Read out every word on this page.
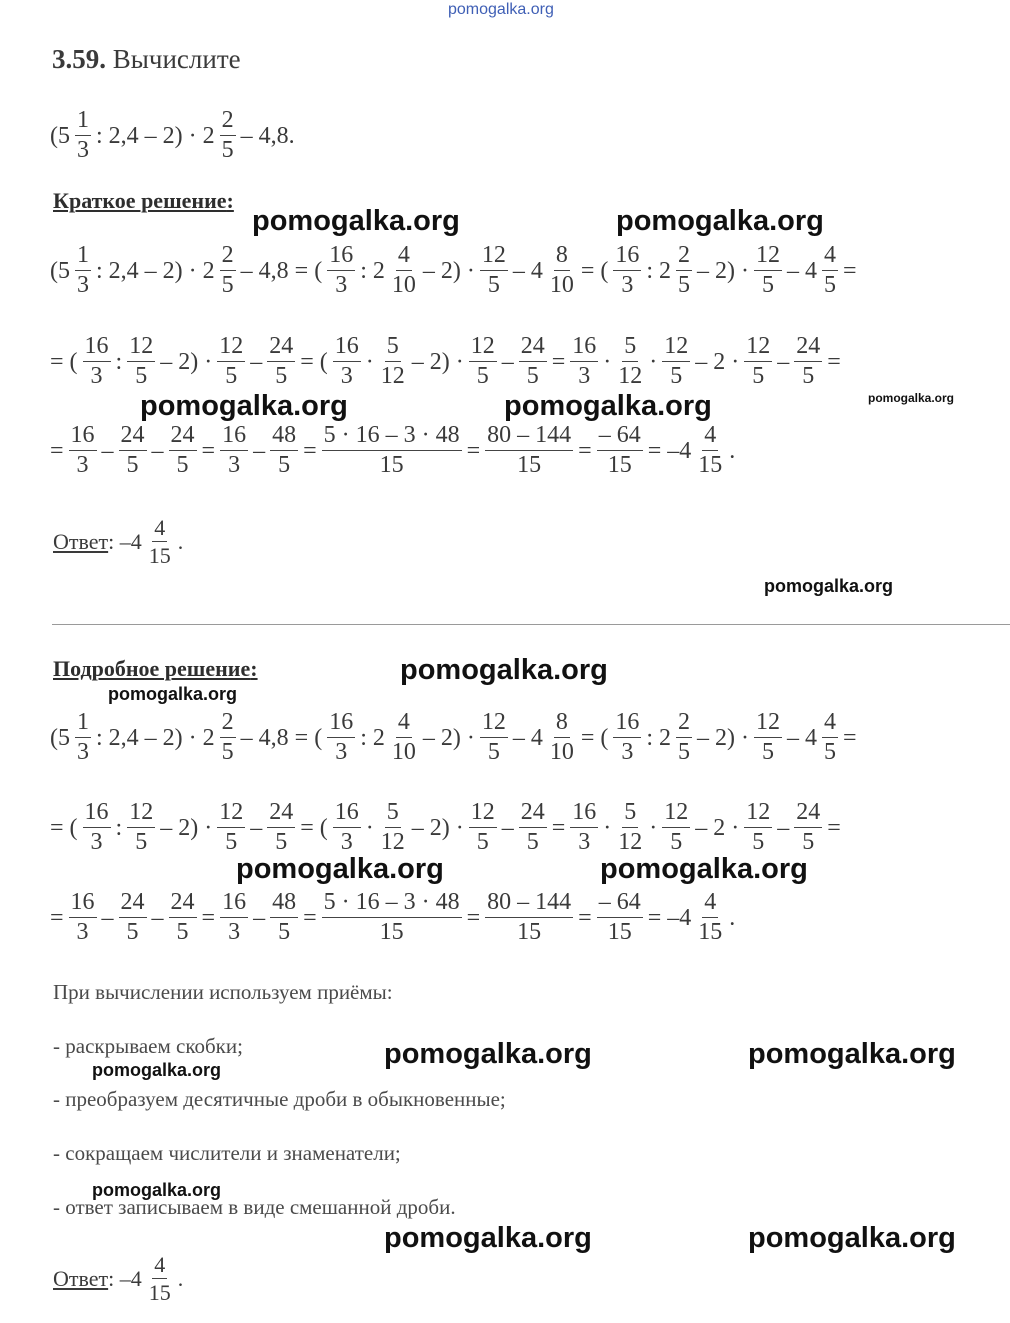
pomogalka.org
3.59. Вычислите
($5 \frac{1}{3}$ : $2,4 - 2) \cdot 2 \frac{2}{5} - 4,8$.
Краткое решение:
($5 \frac{1}{3}$ : $2,4 - 2) \cdot 2 \frac{2}{5} - 4,8$ = ( $\frac{16}{3}$ : $2 \frac{4}{10} - 2) \cdot \frac{12}{5} - 4 \frac{8}{10}$ = ( $\frac{16}{3}$ : $2 \frac{2}{5} - 2) \cdot \frac{12}{5} - 4 \frac{4}{5}$ =
= ( $\frac{16}{3}$ : $\frac{12}{5} - 2) \cdot \frac{12}{5} - \frac{24}{5}$ = ( $\frac{16}{3} \cdot \frac{5}{12} - 2) \cdot \frac{12}{5} - \frac{24}{5} = \frac{16}{3} \cdot \frac{5}{12} \cdot \frac{12}{5} - 2 \cdot \frac{12}{5} - \frac{24}{5}$ =
= $\frac{16}{3} - \frac{24}{5} - \frac{24}{5} = \frac{16}{3} - \frac{48}{5} = \frac{5 \cdot 16 - 3 \cdot 48}{15} = \frac{80 - 144}{15} = \frac{- 64}{15} = -4 \frac{4}{15}$ .
Ответ : $-4 \frac{4}{15}$ .
Подробное решение:
($5 \frac{1}{3}$ : $2,4 - 2) \cdot 2 \frac{2}{5} - 4,8$ = ( $\frac{16}{3}$ : $2 \frac{4}{10} - 2) \cdot \frac{12}{5} - 4 \frac{8}{10}$ = ( $\frac{16}{3}$ : $2 \frac{2}{5} - 2) \cdot \frac{12}{5} - 4 \frac{4}{5}$ =
= ( $\frac{16}{3}$ : $\frac{12}{5} - 2) \cdot \frac{12}{5} - \frac{24}{5}$ = ( $\frac{16}{3} \cdot \frac{5}{12} - 2) \cdot \frac{12}{5} - \frac{24}{5} = \frac{16}{3} \cdot \frac{5}{12} \cdot \frac{12}{5} - 2 \cdot \frac{12}{5} - \frac{24}{5}$ =
= $\frac{16}{3} - \frac{24}{5} - \frac{24}{5} = \frac{16}{3} - \frac{48}{5} = \frac{5 \cdot 16 - 3 \cdot 48}{15} = \frac{80 - 144}{15} = \frac{- 64}{15} = -4 \frac{4}{15}$ .
При вычислении используем приёмы:
- раскрываем скобки;
- преобразуем десятичные дроби в обыкновенные;
- сокращаем числители и знаменатели;
- ответ записываем в виде смешанной дроби.
Ответ : $-4 \frac{4}{15}$ .
pomogalka.org	pomogalka.org
pomogalka.org	pomogalka.org	pomogalka.org
pomogalka.org
pomogalka.org
pomogalka.org
pomogalka.org	pomogalka.org
pomogalka.org	pomogalka.org
pomogalka.org
pomogalka.org
pomogalka.org	pomogalka.org
